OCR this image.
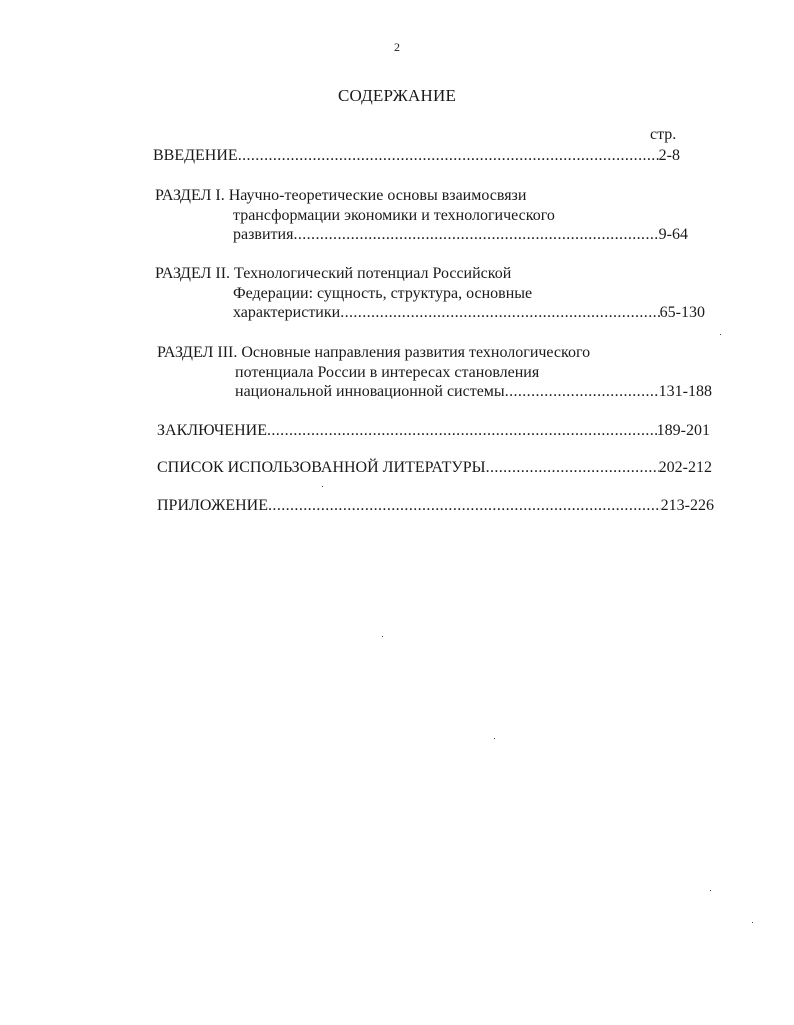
2
СОДЕРЖАНИЕ
стр.
ВВЕДЕНИЕ .....	2-8
РАЗДЕЛ I. Научно-теоретические основы взаимосвязи
трансформации экономики и технологического
развития .....	9-64
РАЗДЕЛ II. Технологический потенциал Российской
Федерации: сущность, структура, основные
характеристики .....	65-130
РАЗДЕЛ III. Основные направления развития технологического
потенциала России в интересах становления
национальной инновационной системы .....	131-188
ЗАКЛЮЧЕНИЕ .....	189-201
СПИСОК ИСПОЛЬЗОВАННОЙ ЛИТЕРАТУРЫ .....	202-212
ПРИЛОЖЕНИЕ .....	213-226
